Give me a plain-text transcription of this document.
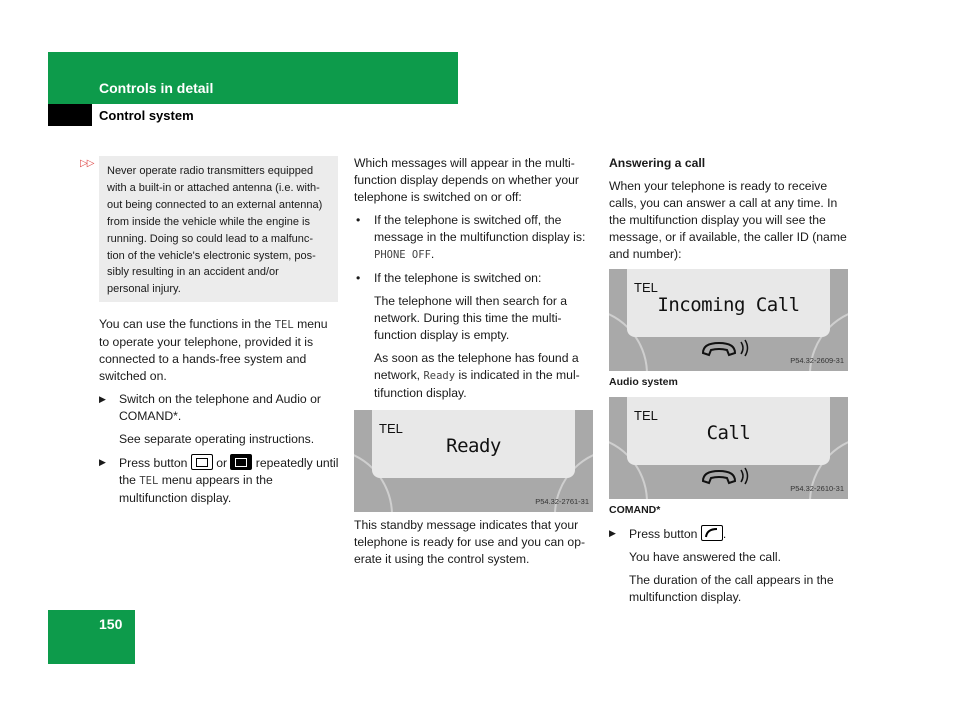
Controls in detail
Control system
▷▷

Never operate radio transmitters equipped

with a built-in or attached antenna (i.e. with-

out being connected to an external antenna)

from inside the vehicle while the engine is

running. Doing so could lead to a malfunc-

tion of the vehicle's electronic system, pos-

sibly resulting in an accident and/or

personal injury.

You can use the functions in the TEL menu to operate your telephone, provided it is connected to a hands-free system and switched on.

▶ Switch on the telephone and Audio or COMAND*.

See separate operating instructions.

▶ Press button
or
repeatedly until the TEL menu appears in the multifunction display.

Which messages will appear in the multi-function display depends on whether your telephone is switched on or off:

• If the telephone is switched off, the message in the multifunction display is:
PHONE OFF.

• If the telephone is switched on:

The telephone will then search for a network. During this time the multi-function display is empty.

As soon as the telephone has found a network, Ready is indicated in the mul-tifunction display.

TEL
Ready
P54.32-2761-31

This standby message indicates that your telephone is ready for use and you can op-erate it using the control system.

Answering a call

When your telephone is ready to receive calls, you can answer a call at any time. In the multifunction display you will see the message, or if available, the caller ID (name and number):

TEL
Incoming Call
P54.32-2609-31

Audio system

TEL
Call
P54.32-2610-31

COMAND*

▶ Press button
.

You have answered the call.

The duration of the call appears in the multifunction display.

150
